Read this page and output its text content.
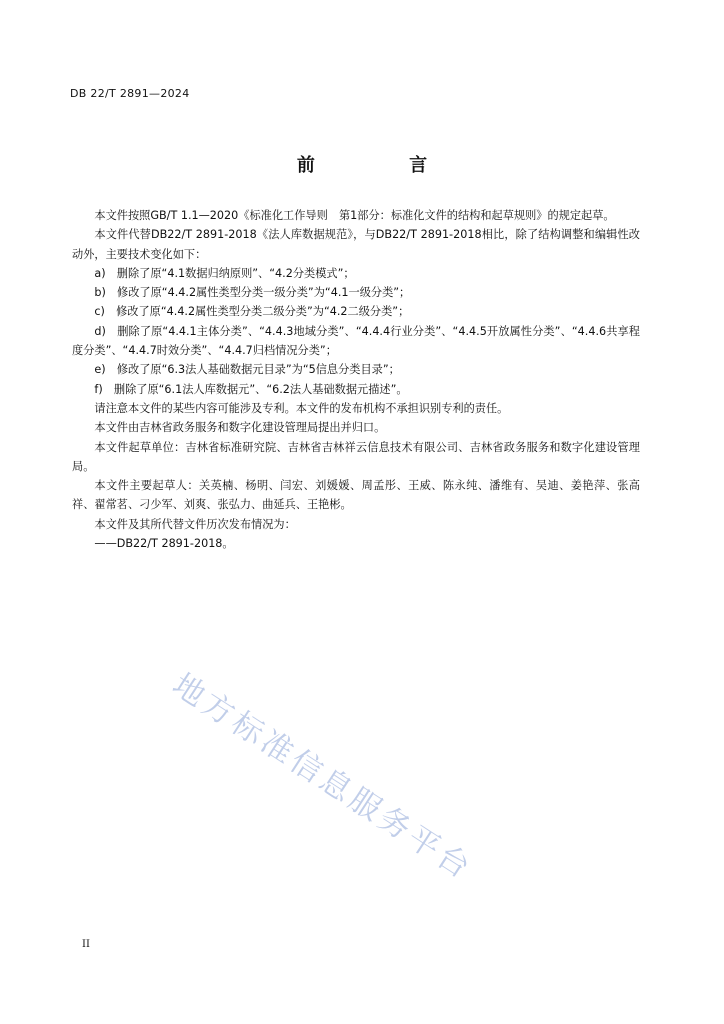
DB 22/T 2891—2024
前 言

本文件按照GB/T 1.1—2020《标准化工作导则　第1部分：标准化文件的结构和起草规则》的规定起草。

本文件代替DB22/T 2891-2018《法人库数据规范》，与DB22/T 2891-2018相比，除了结构调整和编辑性改动外，主要技术变化如下：

a)　删除了原“4.1数据归纳原则”、“4.2分类模式”；

b)　修改了原“4.4.2属性类型分类一级分类”为“4.1一级分类”；

c)　修改了原“4.4.2属性类型分类二级分类”为“4.2二级分类”；

d)　删除了原“4.4.1主体分类”、“4.4.3地域分类”、“4.4.4行业分类”、“4.4.5开放属性分类”、“4.4.6共享程度分类”、“4.4.7时效分类”、“4.4.7归档情况分类”；

e)　修改了原“6.3法人基础数据元目录”为“5信息分类目录”；

f)　删除了原“6.1法人库数据元”、“6.2法人基础数据元描述”。

请注意本文件的某些内容可能涉及专利。本文件的发布机构不承担识别专利的责任。

本文件由吉林省政务服务和数字化建设管理局提出并归口。

本文件起草单位：吉林省标准研究院、吉林省吉林祥云信息技术有限公司、吉林省政务服务和数字化建设管理局。

本文件主要起草人：关英楠、杨明、闫宏、刘媛媛、周孟彤、王威、陈永纯、潘维有、吴迪、姜艳萍、张高祥、翟常茗、刁少军、刘爽、张弘力、曲延兵、王艳彬。

本文件及其所代替文件历次发布情况为：

——DB22/T 2891-2018。

地方标准信息服务平台
II
